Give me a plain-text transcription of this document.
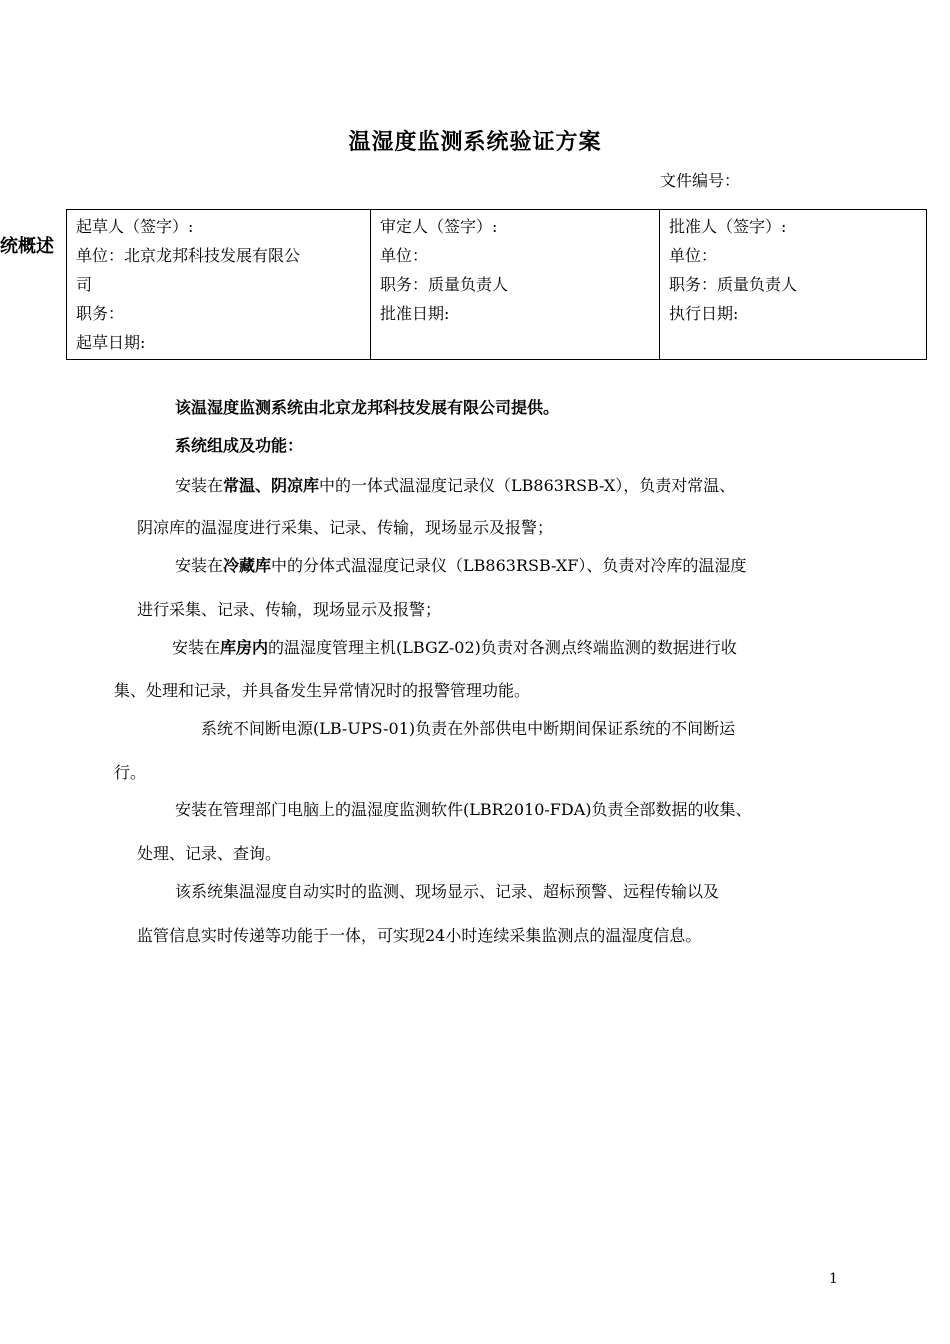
温湿度监测系统验证方案
文件编号：
统概述
起草人（签字）:
单位：北京龙邦科技发展有限公
司
职务：
起草日期:

审定人（签字）:
单位：
职务：质量负责人
批准日期:

批准人（签字）:
单位：
职务：质量负责人
执行日期:
该温湿度监测系统由北京龙邦科技发展有限公司提供。
系统组成及功能：
安装在常温、阴凉库中的一体式温湿度记录仪（LB863RSB-X），负责对常温、
阴凉库的温湿度进行采集、记录、传输，现场显示及报警；
安装在冷藏库中的分体式温湿度记录仪（LB863RSB-XF）、负责对冷库的温湿度
进行采集、记录、传输，现场显示及报警；
安装在库房内的温湿度管理主机(LBGZ-02)负责对各测点终端监测的数据进行收
集、处理和记录，并具备发生异常情况时的报警管理功能。
系统不间断电源(LB-UPS-01)负责在外部供电中断期间保证系统的不间断运
行。
安装在管理部门电脑上的温湿度监测软件(LBR2010-FDA)负责全部数据的收集、
处理、记录、查询。
该系统集温湿度自动实时的监测、现场显示、记录、超标预警、远程传输以及
监管信息实时传递等功能于一体，可实现24小时连续采集监测点的温湿度信息。
1
